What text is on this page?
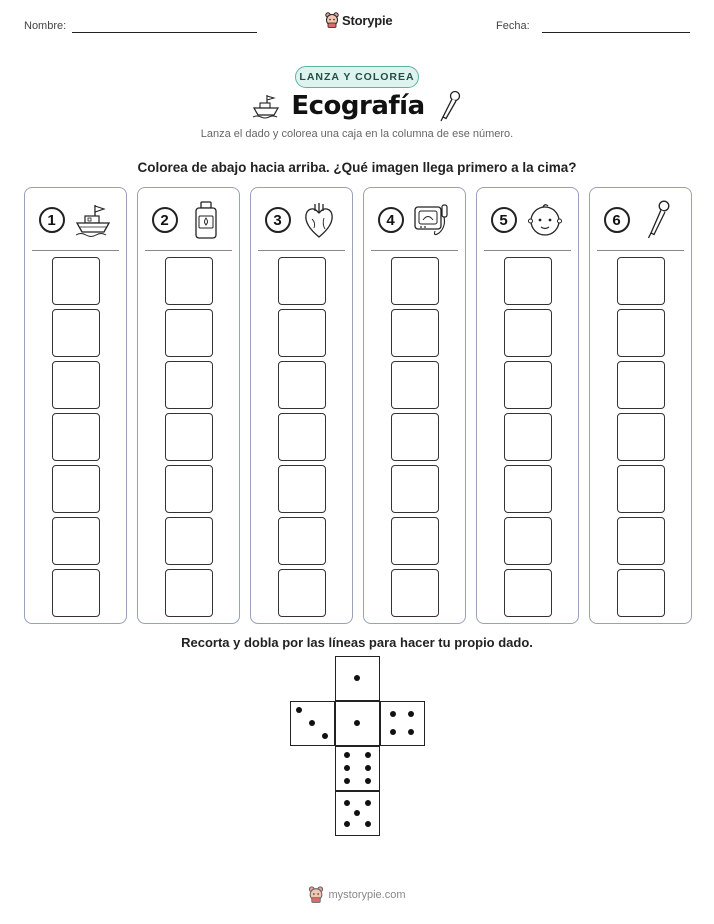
Nombre:	Storypie	Fecha:
LANZA Y COLOREA
Ecografía
Lanza el dado y colorea una caja en la columna de ese número.
Colorea de abajo hacia arriba. ¿Qué imagen llega primero a la cima?
1	2	3	4	5	6
Recorta y dobla por las líneas para hacer tu propio dado.
mystorypie.com
